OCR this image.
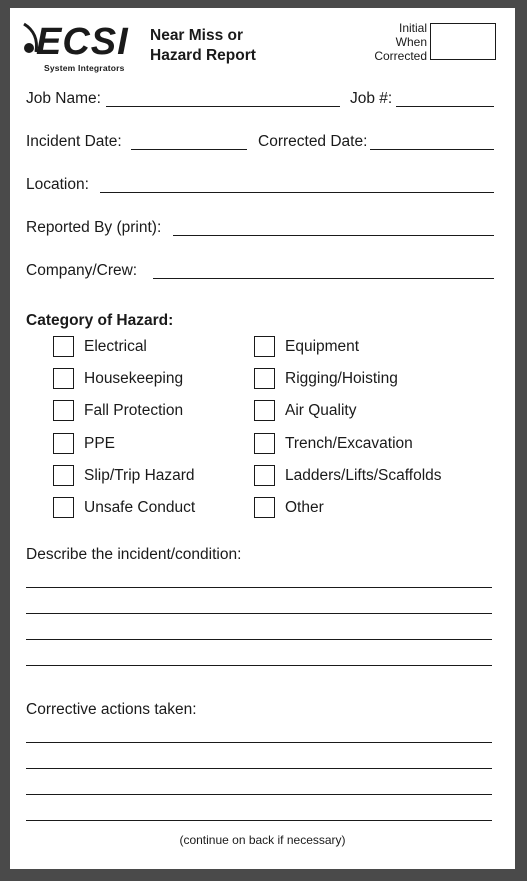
ECSI
System Integrators
Near Miss or
Hazard Report
Initial
When
Corrected
Job Name:	Job #:
Incident Date:	Corrected Date:
Location:
Reported By (print):
Company/Crew:
Category of Hazard:
Electrical
Housekeeping
Fall Protection
PPE
Slip/Trip Hazard
Unsafe Conduct
Equipment
Rigging/Hoisting
Air Quality
Trench/Excavation
Ladders/Lifts/Scaffolds
Other
Describe the incident/condition:
Corrective actions taken:
(continue on back if necessary)
